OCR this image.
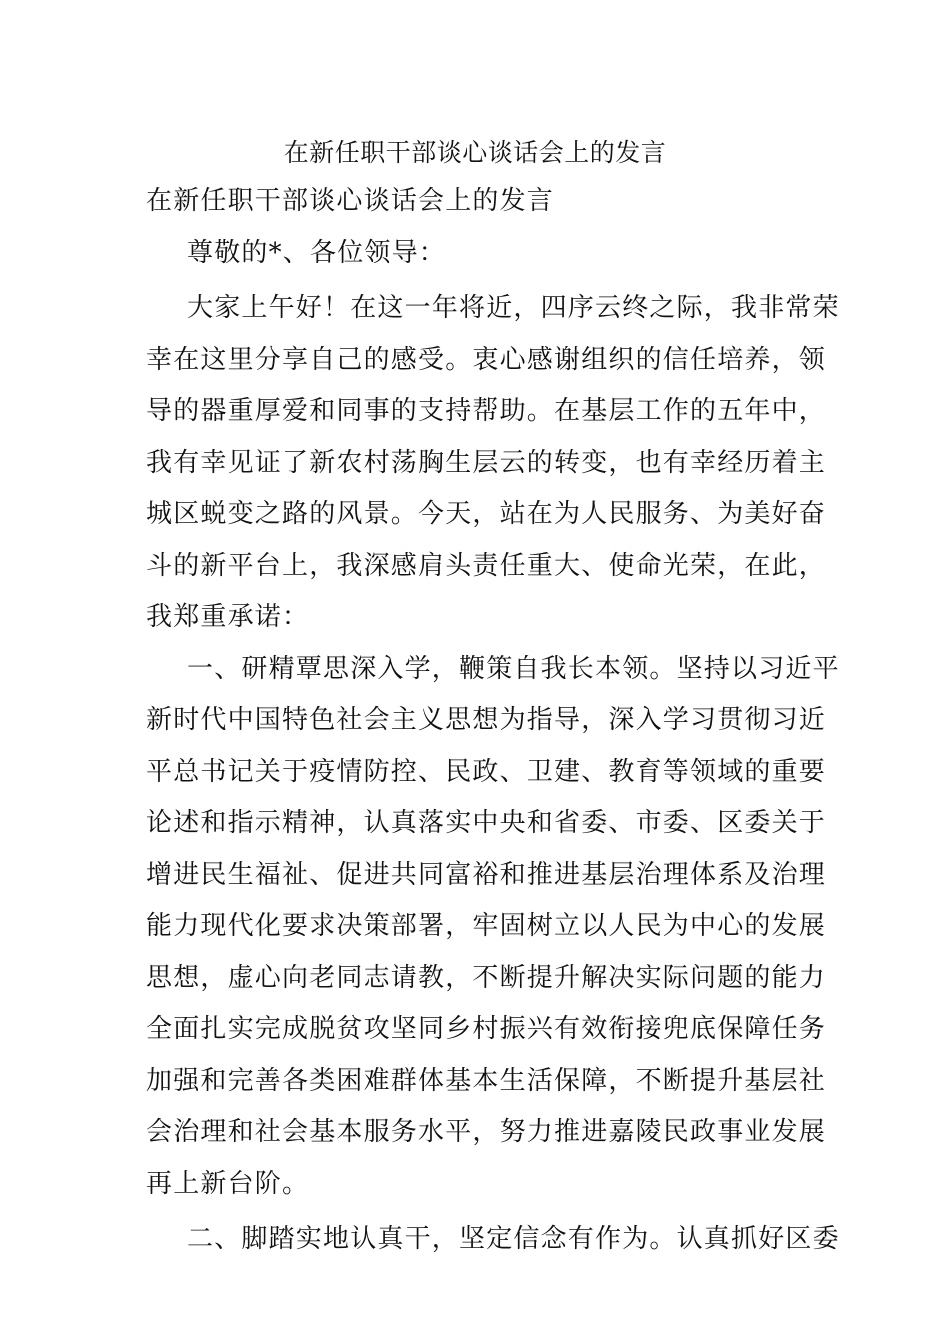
在新任职干部谈心谈话会上的发言
在新任职干部谈心谈话会上的发言
尊敬的*、各位领导：
大家上午好！在这一年将近，四序云终之际，我非常荣
幸在这里分享自己的感受。衷心感谢组织的信任培养，领
导的器重厚爱和同事的支持帮助。在基层工作的五年中，
我有幸见证了新农村荡胸生层云的转变，也有幸经历着主
城区蜕变之路的风景。今天，站在为人民服务、为美好奋
斗的新平台上，我深感肩头责任重大、使命光荣，在此，
我郑重承诺：
一、研精覃思深入学，鞭策自我长本领。坚持以习近平
新时代中国特色社会主义思想为指导，深入学习贯彻习近
平总书记关于疫情防控、民政、卫建、教育等领域的重要
论述和指示精神，认真落实中央和省委、市委、区委关于
增进民生福祉、促进共同富裕和推进基层治理体系及治理
能力现代化要求决策部署，牢固树立以人民为中心的发展
思想，虚心向老同志请教，不断提升解决实际问题的能力
全面扎实完成脱贫攻坚同乡村振兴有效衔接兜底保障任务
加强和完善各类困难群体基本生活保障，不断提升基层社
会治理和社会基本服务水平，努力推进嘉陵民政事业发展
再上新台阶。
二、脚踏实地认真干，坚定信念有作为。认真抓好区委
